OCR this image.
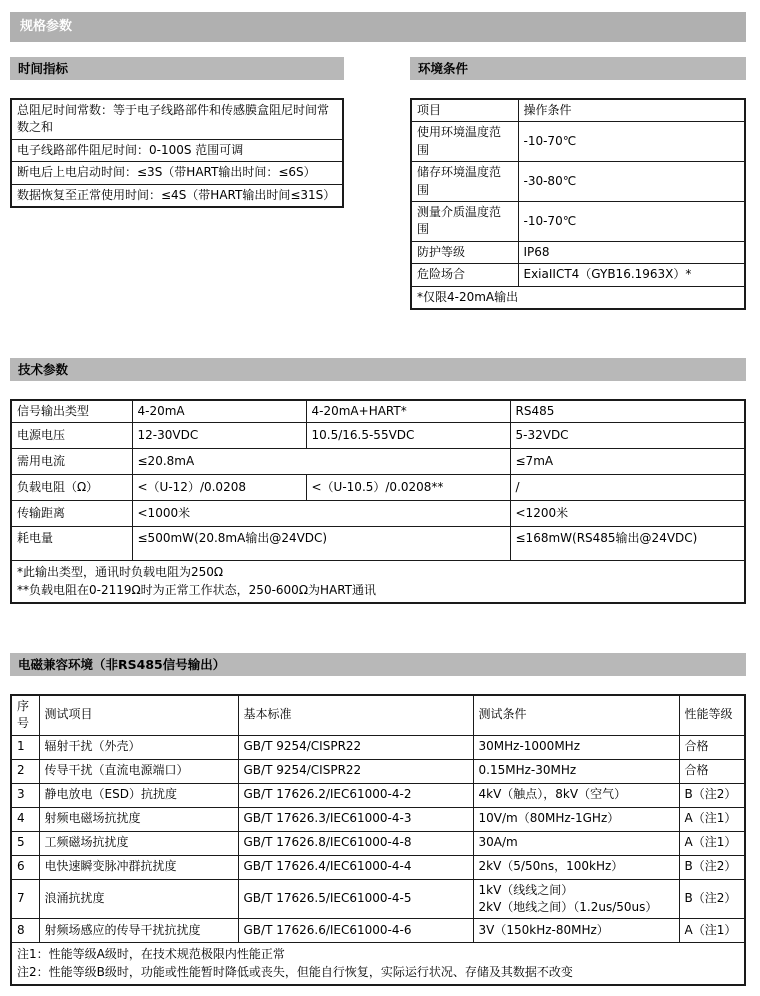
规格参数
时间指标
总阻尼时间常数：等于电子线路部件和传感膜盒阻尼时间常数之和
电子线路部件阻尼时间：0-100S 范围可调
断电后上电启动时间：≤3S（带HART输出时间：≤6S）
数据恢复至正常使用时间：≤4S（带HART输出时间≤31S）
环境条件
项目	操作条件
使用环境温度范围	-10-70℃
储存环境温度范围	-30-80℃
测量介质温度范围	-10-70℃
防护等级	IP68
危险场合	ExiaIICT4（GYB16.1963X）*
*仅限4-20mA输出	
技术参数
信号输出类型	4-20mA	4-20mA+HART*	RS485
电源电压	12-30VDC	10.5/16.5-55VDC	5-32VDC
需用电流	≤20.8mA		≤7mA
负载电阻（Ω）	<（U-12）/0.0208	<（U-10.5）/0.0208**	/
传输距离	<1000米		<1200米
耗电量	≤500mW(20.8mA输出@24VDC)		≤168mW(RS485输出@24VDC)
*此输出类型，通讯时负载电阻为250Ω
**负载电阻在0-2119Ω时为正常工作状态，250-600Ω为HART通讯			
电磁兼容环境（非RS485信号输出）
序号	测试项目	基本标准	测试条件	性能等级
1	辐射干扰（外壳）	GB/T 9254/CISPR22	30MHz-1000MHz	合格
2	传导干扰（直流电源端口）	GB/T 9254/CISPR22	0.15MHz-30MHz	合格
3	静电放电（ESD）抗扰度	GB/T 17626.2/IEC61000-4-2	4kV（触点），8kV（空气）	B（注2）
4	射频电磁场抗扰度	GB/T 17626.3/IEC61000-4-3	10V/m（80MHz-1GHz）	A（注1）
5	工频磁场抗扰度	GB/T 17626.8/IEC61000-4-8	30A/m	A（注1）
6	电快速瞬变脉冲群抗扰度	GB/T 17626.4/IEC61000-4-4	2kV（5/50ns，100kHz）	B（注2）
7	浪涌抗扰度	GB/T 17626.5/IEC61000-4-5	1kV（线线之间）
2kV（地线之间）（1.2us/50us）	B（注2）
8	射频场感应的传导干扰抗扰度	GB/T 17626.6/IEC61000-4-6	3V（150kHz-80MHz）	A（注1）
注1：性能等级A级时，在技术规范极限内性能正常
注2：性能等级B级时，功能或性能暂时降低或丧失，但能自行恢复，实际运行状况、存储及其数据不改变				
